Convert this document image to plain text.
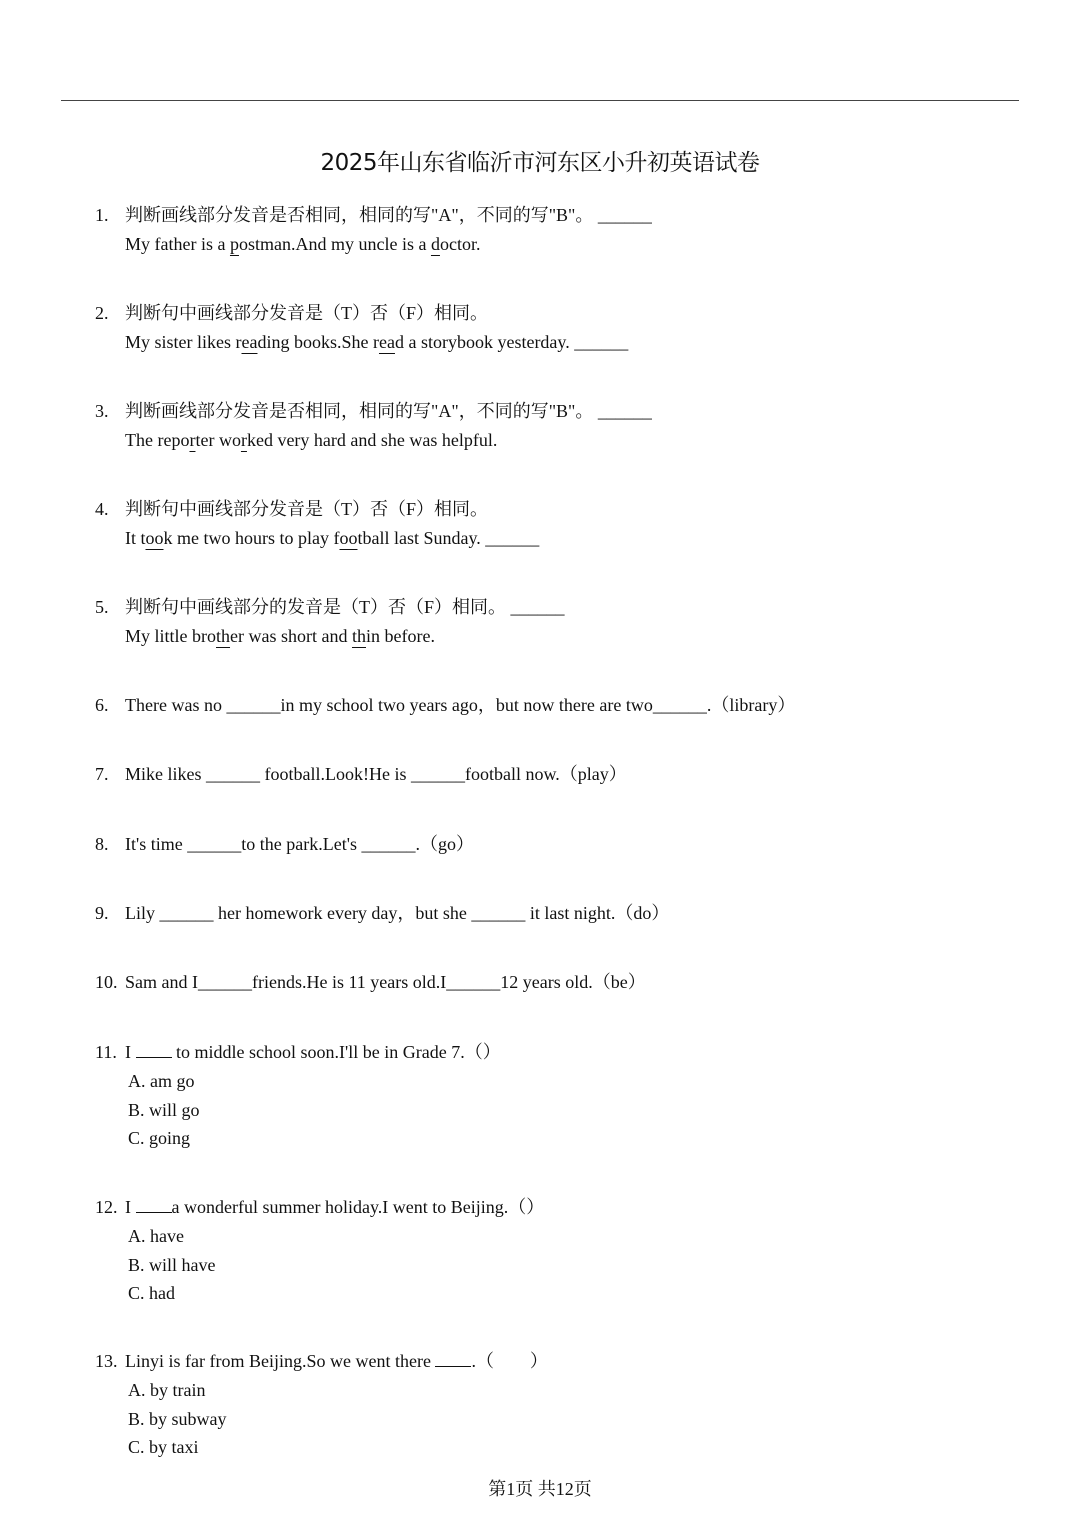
2025年山东省临沂市河东区小升初英语试卷
1. 判断画线部分发音是否相同，相同的写"A"，不同的写"B"。 ______
My father is a postman.And my uncle is a doctor.
2. 判断句中画线部分发音是（T）否（F）相同。
My sister likes reading books.She read a storybook yesterday. ______
3. 判断画线部分发音是否相同，相同的写"A"，不同的写"B"。 ______
The reporter worked very hard and she was helpful.
4. 判断句中画线部分发音是（T）否（F）相同。
It took me two hours to play football last Sunday. ______
5. 判断句中画线部分的发音是（T）否（F）相同。 ______
My little brother was short and thin before.
6. There was no ______in my school two years ago，but now there are two______.（library）
7. Mike likes ______ football.Look!He is ______football now.（play）
8. It's time ______to the park.Let's ______.（go）
9. Lily ______ her homework every day，but she ______ it last night.（do）
10. Sam and I______friends.He is 11 years old.I______12 years old.（be）
11. I  to middle school soon.I'll be in Grade 7.（）
A. am go
B. will go
C. going
12. I a wonderful summer holiday.I went to Beijing.（）
A. have
B. will have
C. had
13. Linyi is far from Beijing.So we went there .（　　）
A. by train
B. by subway
C. by taxi
第1页 共12页
